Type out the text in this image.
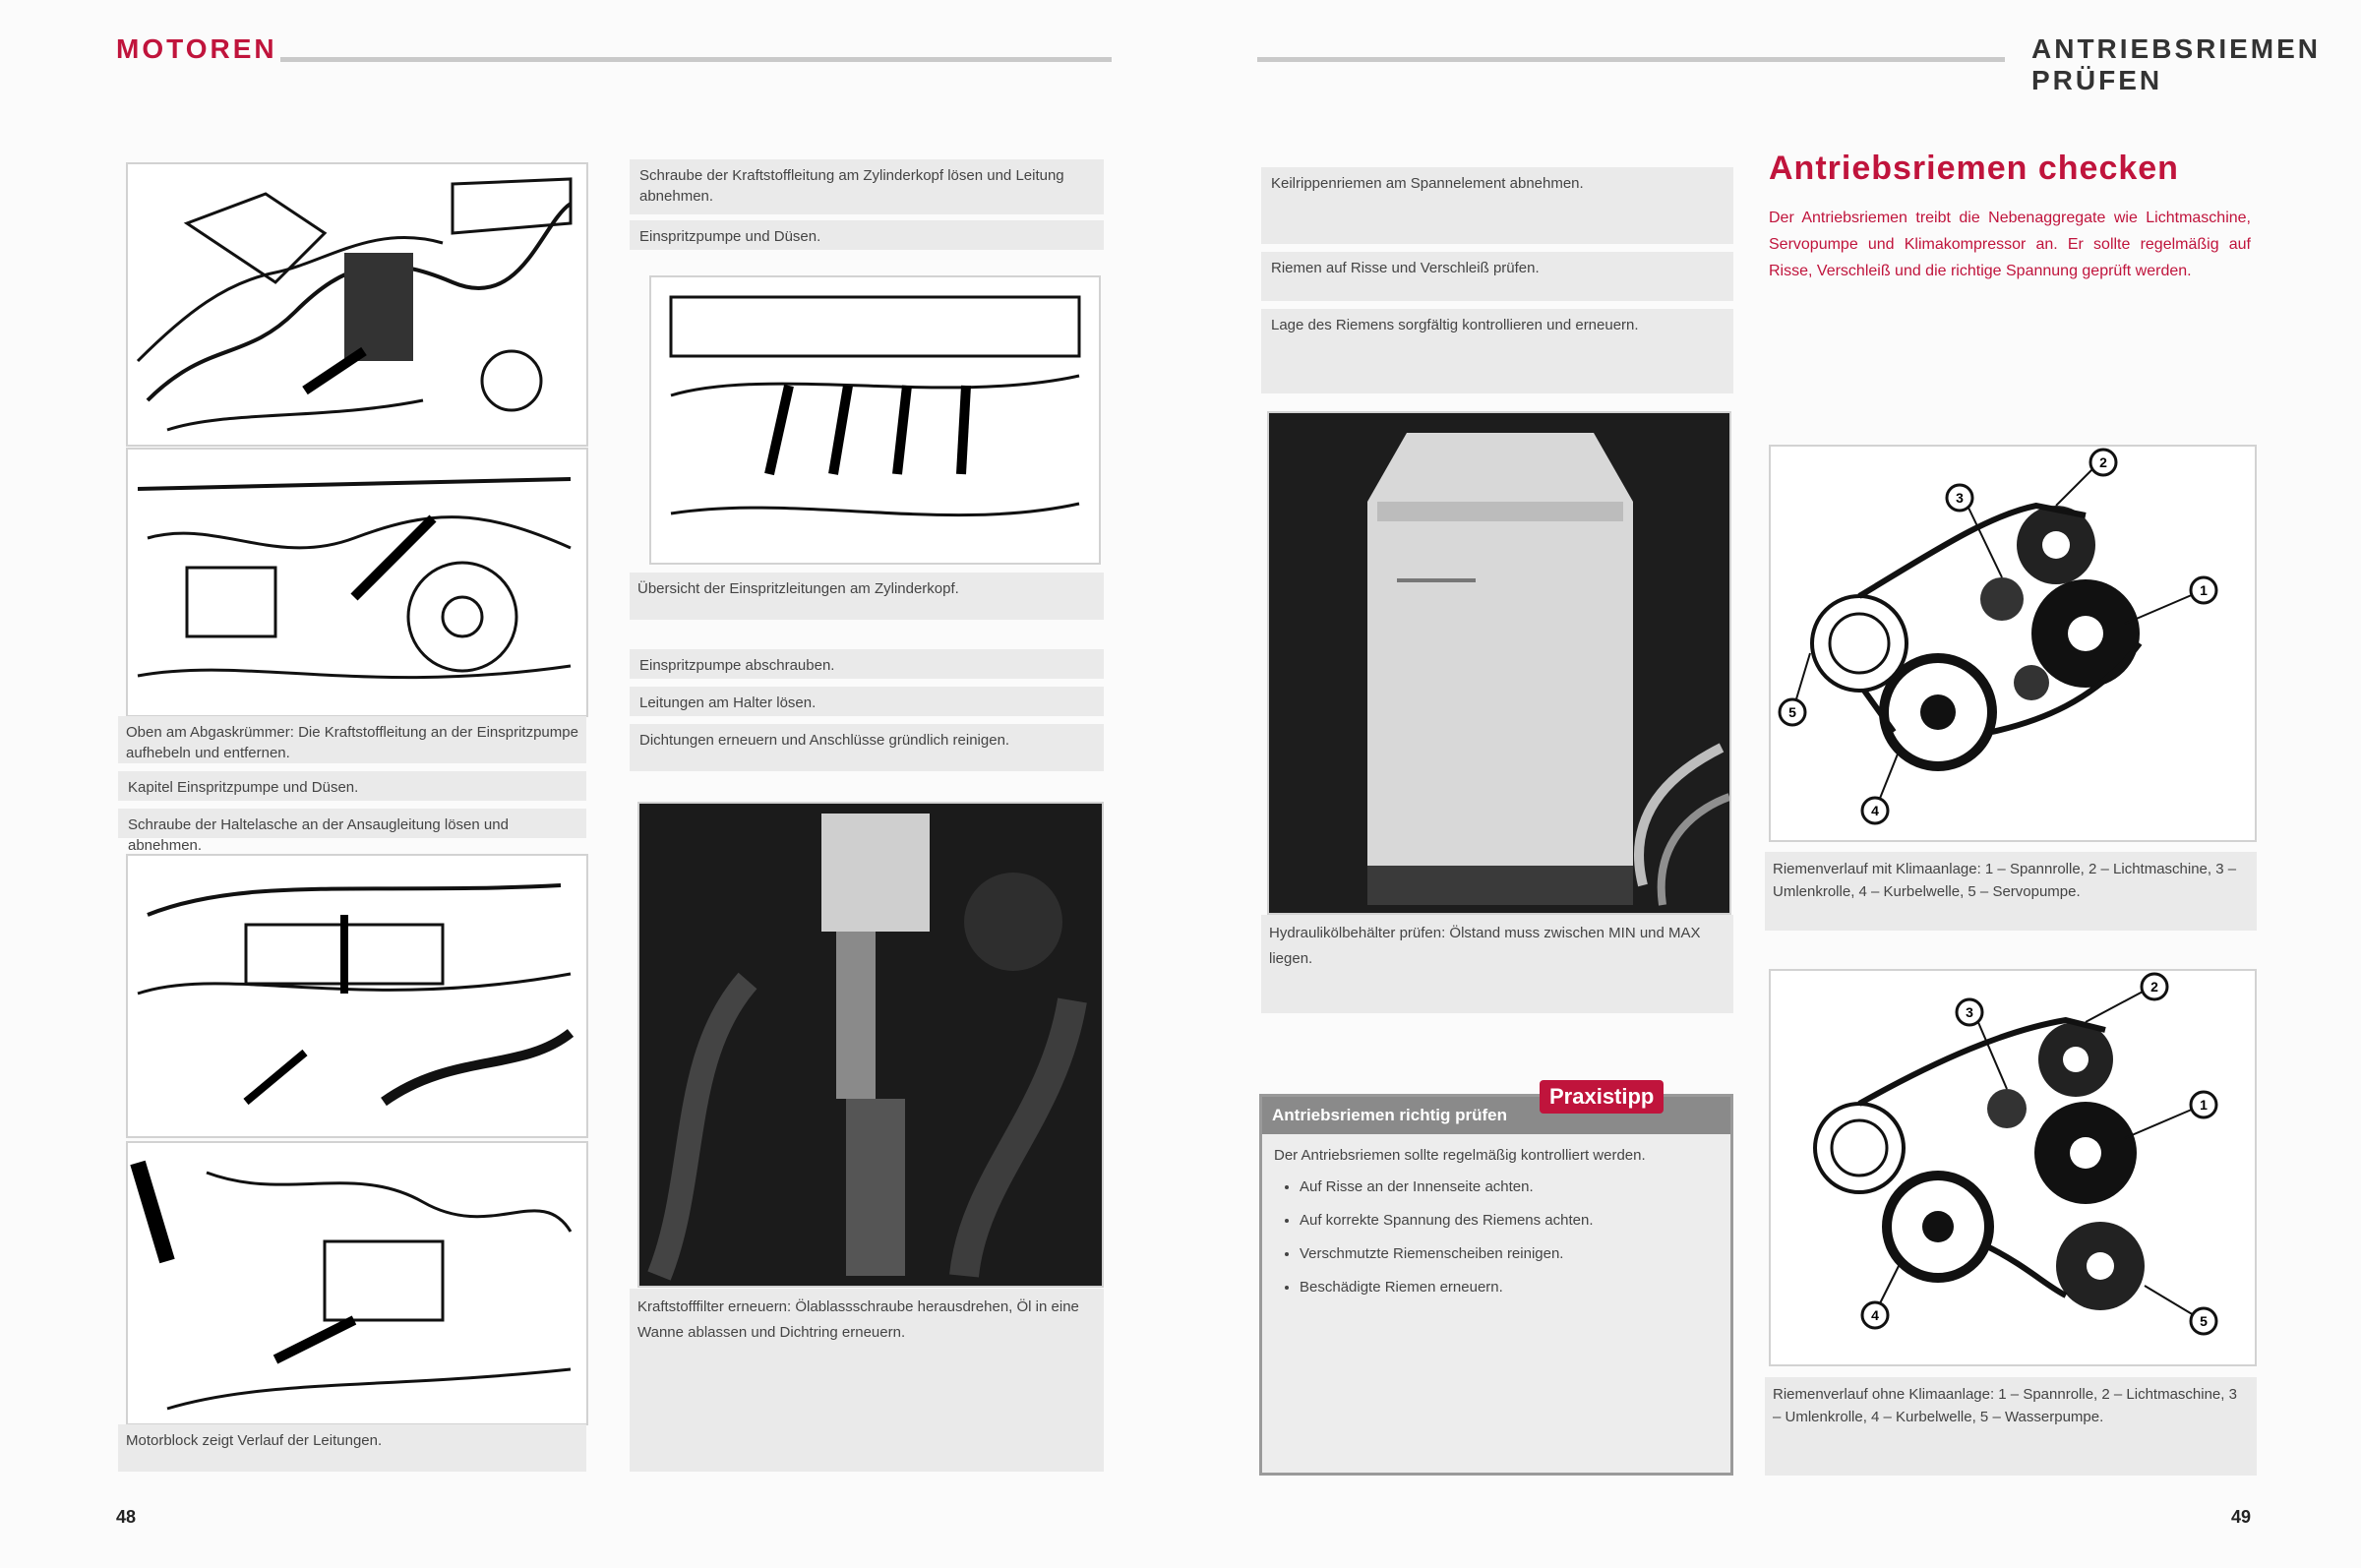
MOTOREN
Oben am Abgaskrümmer: Die Kraftstoffleitung an der Einspritzpumpe aufhebeln und entfernen.
Kapitel Einspritzpumpe und Düsen.
Schraube der Haltelasche an der Ansaugleitung lösen und abnehmen.
Motorblock zeigt Verlauf der Leitungen.
Schraube der Kraftstoffleitung am Zylinderkopf lösen und Leitung abnehmen.
Einspritzpumpe und Düsen.
Übersicht der Einspritzleitungen am Zylinderkopf.
Einspritzpumpe abschrauben.
Leitungen am Halter lösen.
Dichtungen erneuern und Anschlüsse gründlich reinigen.
Kraftstofffilter erneuern: Ölablassschraube herausdrehen, Öl in eine Wanne ablassen und Dichtring erneuern.
48
ANTRIEBSRIEMEN PRÜFEN
Keilrippenriemen am Spannelement abnehmen.
Riemen auf Risse und Verschleiß prüfen.
Lage des Riemens sorgfältig kontrollieren und erneuern.
Hydraulikölbehälter prüfen: Ölstand muss zwischen MIN und MAX liegen.
Antriebsriemen richtig prüfen
Der Antriebsriemen sollte regelmäßig kontrolliert werden.
• Auf Risse an der Innenseite achten.
• Auf korrekte Spannung des Riemens achten.
• Verschmutzte Riemenscheiben reinigen.
• Beschädigte Riemen erneuern.
Praxistipp
Antriebsriemen checken
Der Antriebsriemen treibt die Nebenaggregate wie Lichtmaschine, Servopumpe und Klimakompressor an. Er sollte regelmäßig auf Risse, Verschleiß und die richtige Spannung geprüft werden.
1
2
3
4
5
Riemenverlauf mit Klimaanlage: 1 – Spannrolle, 2 – Lichtmaschine, 3 – Umlenkrolle, 4 – Kurbelwelle, 5 – Servopumpe.
1
2
3
4	5
Riemenverlauf ohne Klimaanlage: 1 – Spannrolle, 2 – Lichtmaschine, 3 – Umlenkrolle, 4 – Kurbelwelle, 5 – Wasserpumpe.
49
